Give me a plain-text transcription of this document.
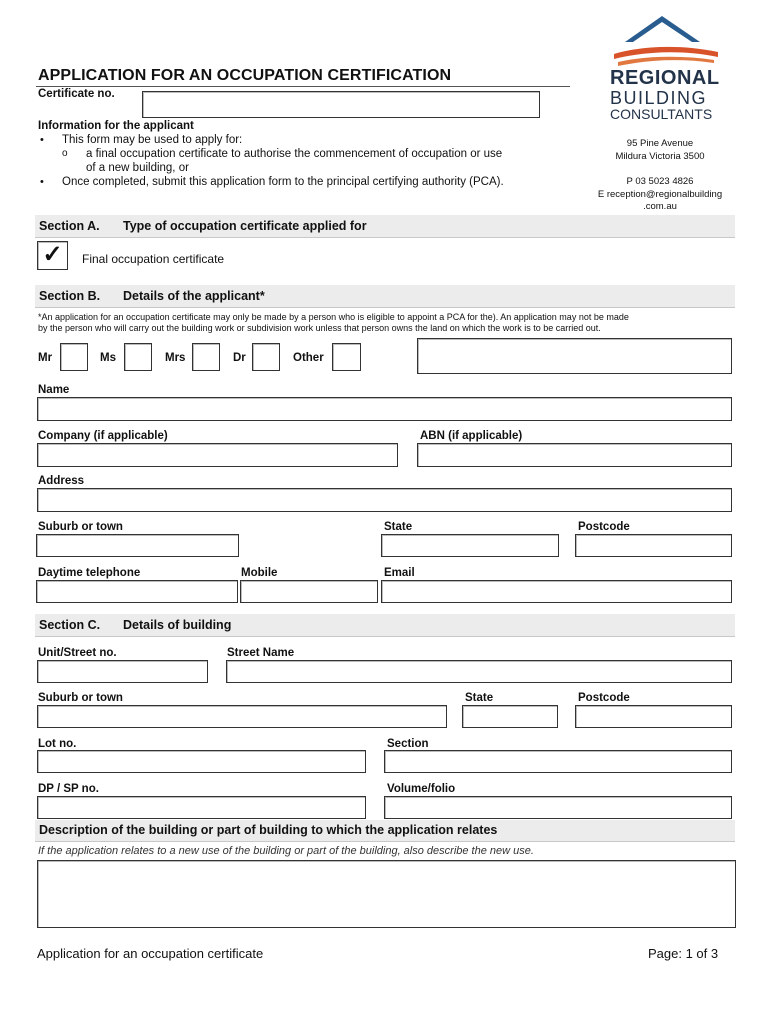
REGIONAL
BUILDING
CONSULTANTS
APPLICATION FOR AN OCCUPATION CERTIFICATION
Certificate no.
Information for the applicant
• This form may be used to apply for:
o a final occupation certificate to authorise the commencement of occupation or use
of a new building, or
• Once completed, submit this application form to the principal certifying authority (PCA).
95 Pine Avenue
Mildura Victoria 3500
P 03 5023 4826
E reception@regionalbuilding
.com.au
Section A. Type of occupation certificate applied for
✓	Final occupation certificate
Section B. Details of the applicant*
*An application for an occupation certificate may only be made by a person who is eligible to appoint a PCA for the). An application may not be made
by the person who will carry out the building work or subdivision work unless that person owns the land on which the work is to be carried out.
Mr	Ms	Mrs	Dr	Other
Name
Company (if applicable)	ABN (if applicable)
Address
Suburb or town	State	Postcode
Daytime telephone	Mobile	Email
Section C. Details of building
Unit/Street no.	Street Name
Suburb or town	State	Postcode
Lot no.	Section
DP / SP no.	Volume/folio
Description of the building or part of building to which the application relates
If the application relates to a new use of the building or part of the building, also describe the new use.
Application for an occupation certificate	Page: 1 of 3
